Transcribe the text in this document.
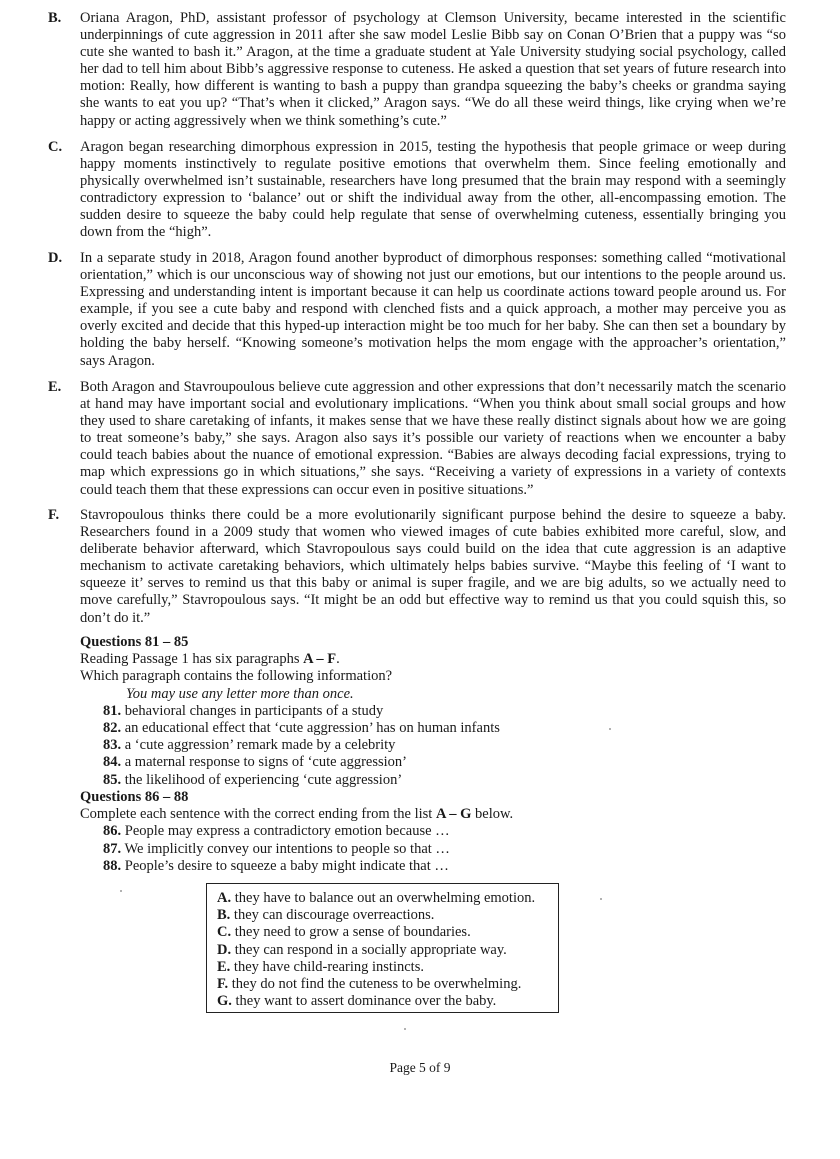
B. Oriana Aragon, PhD, assistant professor of psychology at Clemson University, became interested in the scientific underpinnings of cute aggression in 2011 after she saw model Leslie Bibb say on Conan O’Brien that a puppy was “so cute she wanted to bash it.” Aragon, at the time a graduate student at Yale University studying social psychology, called her dad to tell him about Bibb’s aggressive response to cuteness. He asked a question that set years of future research into motion: Really, how different is wanting to bash a puppy than grandpa squeezing the baby’s cheeks or grandma saying she wants to eat you up? “That’s when it clicked,” Aragon says. “We do all these weird things, like crying when we’re happy or acting aggressively when we think something’s cute.”
C. Aragon began researching dimorphous expression in 2015, testing the hypothesis that people grimace or weep during happy moments instinctively to regulate positive emotions that overwhelm them. Since feeling emotionally and physically overwhelmed isn’t sustainable, researchers have long presumed that the brain may respond with a seemingly contradictory expression to ‘balance’ out or shift the individual away from the other, all-encompassing emotion. The sudden desire to squeeze the baby could help regulate that sense of overwhelming cuteness, essentially bringing you down from the “high”.
D. In a separate study in 2018, Aragon found another byproduct of dimorphous responses: something called “motivational orientation,” which is our unconscious way of showing not just our emotions, but our intentions to the people around us. Expressing and understanding intent is important because it can help us coordinate actions toward people around us. For example, if you see a cute baby and respond with clenched fists and a quick approach, a mother may perceive you as overly excited and decide that this hyped-up interaction might be too much for her baby. She can then set a boundary by holding the baby herself. “Knowing someone’s motivation helps the mom engage with the approacher’s orientation,” says Aragon.
E. Both Aragon and Stavroupoulous believe cute aggression and other expressions that don’t necessarily match the scenario at hand may have important social and evolutionary implications. “When you think about small social groups and how they used to share caretaking of infants, it makes sense that we have these really distinct signals about how we are going to treat someone’s baby,” she says. Aragon also says it’s possible our variety of reactions when we encounter a baby could teach babies about the nuance of emotional expression. “Babies are always decoding facial expressions, trying to map which expressions go in which situations,” she says. “Receiving a variety of expressions in a variety of contexts could teach them that these expressions can occur even in positive situations.”
F. Stavropoulous thinks there could be a more evolutionarily significant purpose behind the desire to squeeze a baby. Researchers found in a 2009 study that women who viewed images of cute babies exhibited more careful, slow, and deliberate behavior afterward, which Stavropoulous says could build on the idea that cute aggression is an adaptive mechanism to activate caretaking behaviors, which ultimately helps babies survive. “Maybe this feeling of ‘I want to squeeze it’ serves to remind us that this baby or animal is super fragile, and we are big adults, so we actually need to move carefully,” Stavropoulous says. “It might be an odd but effective way to remind us that you could squish this, so don’t do it.”
Questions 81 – 85
Reading Passage 1 has six paragraphs A – F.
Which paragraph contains the following information?
You may use any letter more than once.
81. behavioral changes in participants of a study
82. an educational effect that ‘cute aggression’ has on human infants
83. a ‘cute aggression’ remark made by a celebrity
84. a maternal response to signs of ‘cute aggression’
85. the likelihood of experiencing ‘cute aggression’
Questions 86 – 88
Complete each sentence with the correct ending from the list A – G below.
86. People may express a contradictory emotion because …
87. We implicitly convey our intentions to people so that …
88. People’s desire to squeeze a baby might indicate that …
A. they have to balance out an overwhelming emotion.
B. they can discourage overreactions.
C. they need to grow a sense of boundaries.
D. they can respond in a socially appropriate way.
E. they have child-rearing instincts.
F. they do not find the cuteness to be overwhelming.
G. they want to assert dominance over the baby.
Page 5 of 9
